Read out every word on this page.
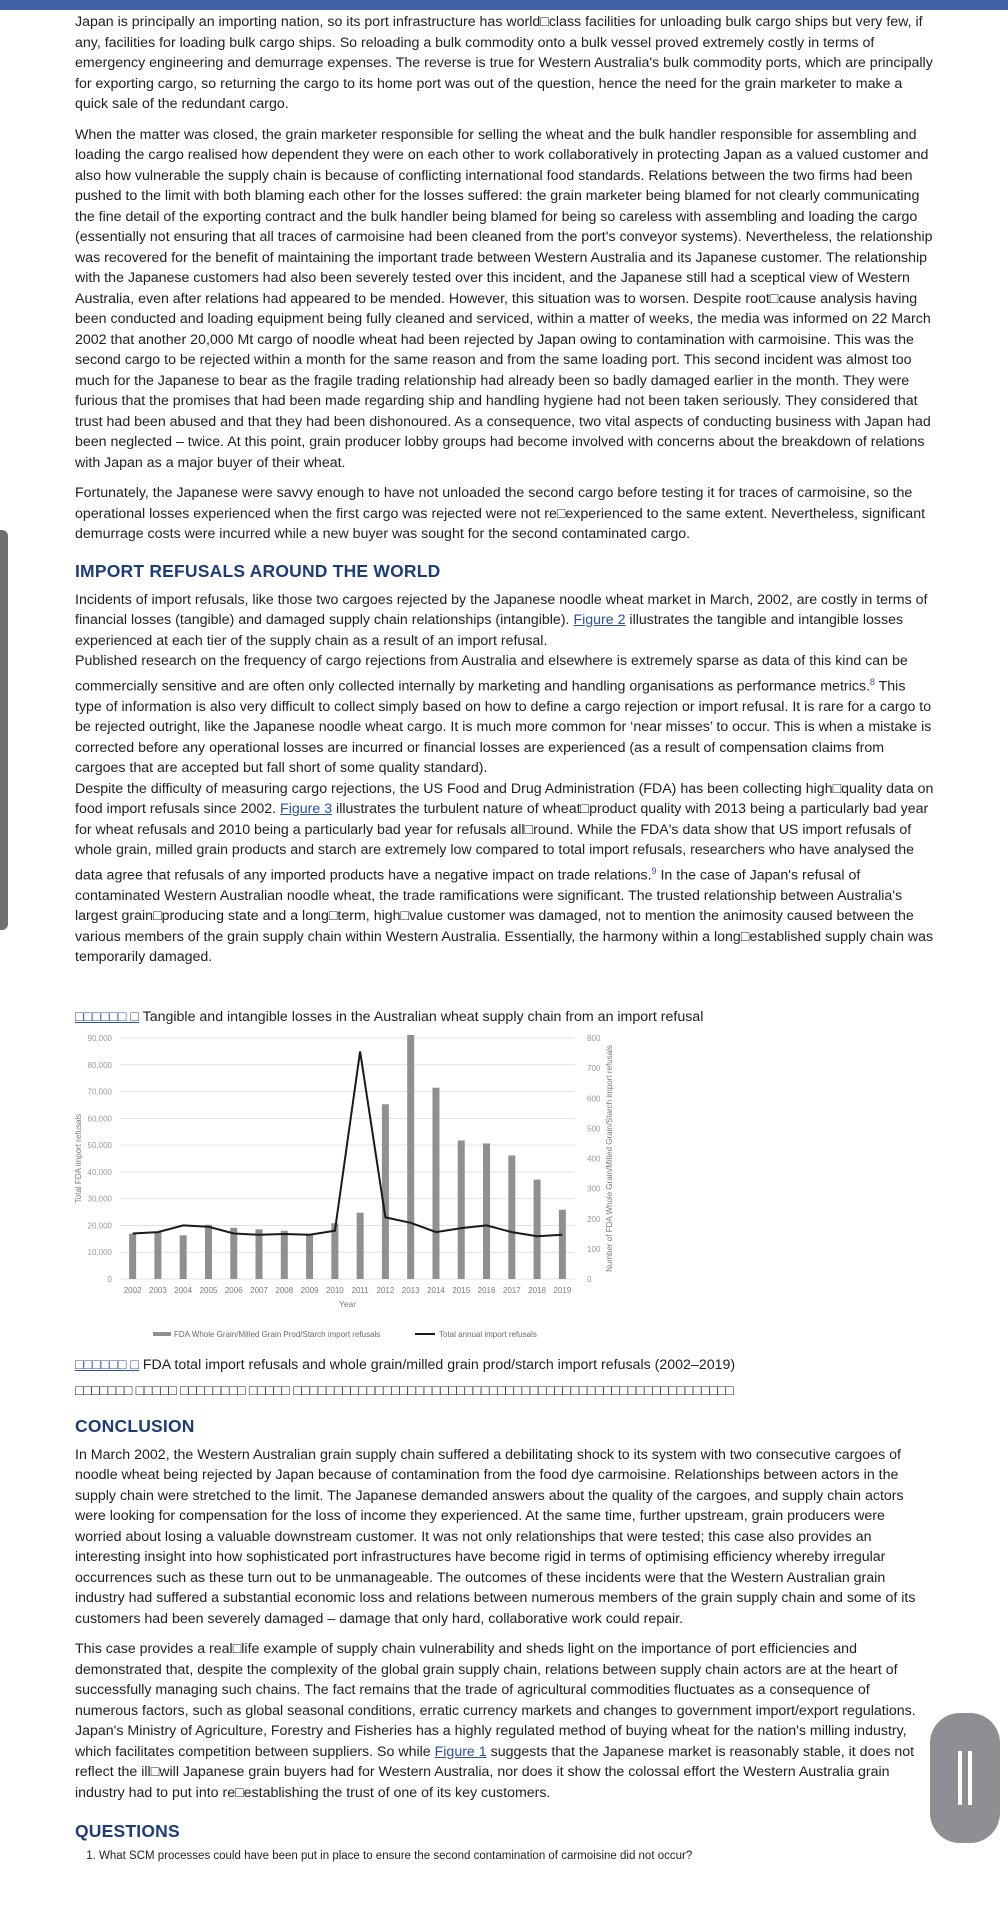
Japan is principally an importing nation, so its port infrastructure has world□class facilities for unloading bulk cargo ships but very few, if any, facilities for loading bulk cargo ships. So reloading a bulk commodity onto a bulk vessel proved extremely costly in terms of emergency engineering and demurrage expenses. The reverse is true for Western Australia's bulk commodity ports, which are principally for exporting cargo, so returning the cargo to its home port was out of the question, hence the need for the grain marketer to make a quick sale of the redundant cargo.

When the matter was closed, the grain marketer responsible for selling the wheat and the bulk handler responsible for assembling and loading the cargo realised how dependent they were on each other to work collaboratively in protecting Japan as a valued customer and also how vulnerable the supply chain is because of conflicting international food standards. Relations between the two firms had been pushed to the limit with both blaming each other for the losses suffered: the grain marketer being blamed for not clearly communicating the fine detail of the exporting contract and the bulk handler being blamed for being so careless with assembling and loading the cargo (essentially not ensuring that all traces of carmoisine had been cleaned from the port's conveyor systems). Nevertheless, the relationship was recovered for the benefit of maintaining the important trade between Western Australia and its Japanese customer. The relationship with the Japanese customers had also been severely tested over this incident, and the Japanese still had a sceptical view of Western Australia, even after relations had appeared to be mended. However, this situation was to worsen. Despite root□cause analysis having been conducted and loading equipment being fully cleaned and serviced, within a matter of weeks, the media was informed on 22 March 2002 that another 20,000 Mt cargo of noodle wheat had been rejected by Japan owing to contamination with carmoisine. This was the second cargo to be rejected within a month for the same reason and from the same loading port. This second incident was almost too much for the Japanese to bear as the fragile trading relationship had already been so badly damaged earlier in the month. They were furious that the promises that had been made regarding ship and handling hygiene had not been taken seriously. They considered that trust had been abused and that they had been dishonoured. As a consequence, two vital aspects of conducting business with Japan had been neglected – twice. At this point, grain producer lobby groups had become involved with concerns about the breakdown of relations with Japan as a major buyer of their wheat.

Fortunately, the Japanese were savvy enough to have not unloaded the second cargo before testing it for traces of carmoisine, so the operational losses experienced when the first cargo was rejected were not re□experienced to the same extent. Nevertheless, significant demurrage costs were incurred while a new buyer was sought for the second contaminated cargo.

IMPORT REFUSALS AROUND THE WORLD

Incidents of import refusals, like those two cargoes rejected by the Japanese noodle wheat market in March, 2002, are costly in terms of financial losses (tangible) and damaged supply chain relationships (intangible). Figure 2 illustrates the tangible and intangible losses experienced at each tier of the supply chain as a result of an import refusal.

Published research on the frequency of cargo rejections from Australia and elsewhere is extremely sparse as data of this kind can be commercially sensitive and are often only collected internally by marketing and handling organisations as performance metrics.$^8$ This type of information is also very difficult to collect simply based on how to define a cargo rejection or import refusal. It is rare for a cargo to be rejected outright, like the Japanese noodle wheat cargo. It is much more common for ‘near misses’ to occur. This is when a mistake is corrected before any operational losses are incurred or financial losses are experienced (as a result of compensation claims from cargoes that are accepted but fall short of some quality standard).

Despite the difficulty of measuring cargo rejections, the US Food and Drug Administration (FDA) has been collecting high□quality data on food import refusals since 2002. Figure 3 illustrates the turbulent nature of wheat□product quality with 2013 being a particularly bad year for wheat refusals and 2010 being a particularly bad year for refusals all□round. While the FDA's data show that US import refusals of whole grain, milled grain products and starch are extremely low compared to total import refusals, researchers who have analysed the data agree that refusals of any imported products have a negative impact on trade relations.$^9$ In the case of Japan's refusal of contaminated Western Australian noodle wheat, the trade ramifications were significant. The trusted relationship between Australia's largest grain□producing state and a long□term, high□value customer was damaged, not to mention the animosity caused between the various members of the grain supply chain within Western Australia. Essentially, the harmony within a long□established supply chain was temporarily damaged.

□□□□□□ □ Tangible and intangible losses in the Australian wheat supply chain from an import refusal

0
10,000
20,000
30,000
40,000
50,000
60,000
70,000
80,000
90,000
0
100
200
300
400
500
600
700
800
2002 2003 2004 2005 2006 2007 2008 2009 2010 2011 2012 2013 2014 2015 2016 2017 2018 2019
Year
Total FDA import refusals	Number of FDA Whole Grain/Milled Grain/Starch import refusals
FDA Whole Grain/Milled Grain Prod/Starch import refusals	Total annual import refusals

□□□□□□ □ FDA total import refusals and whole grain/milled grain prod/starch import refusals (2002–2019)

□□□□□□□ □□□□□ □□□□□□□□ □□□□□ □□□□□□□□□□□□□□□□□□□□□□□□□□□□□□□□□□□□□□□□□□□□□□□□□□□□□□

CONCLUSION

In March 2002, the Western Australian grain supply chain suffered a debilitating shock to its system with two consecutive cargoes of noodle wheat being rejected by Japan because of contamination from the food dye carmoisine. Relationships between actors in the supply chain were stretched to the limit. The Japanese demanded answers about the quality of the cargoes, and supply chain actors were looking for compensation for the loss of income they experienced. At the same time, further upstream, grain producers were worried about losing a valuable downstream customer. It was not only relationships that were tested; this case also provides an interesting insight into how sophisticated port infrastructures have become rigid in terms of optimising efficiency whereby irregular occurrences such as these turn out to be unmanageable. The outcomes of these incidents were that the Western Australian grain industry had suffered a substantial economic loss and relations between numerous members of the grain supply chain and some of its customers had been severely damaged – damage that only hard, collaborative work could repair.

This case provides a real□life example of supply chain vulnerability and sheds light on the importance of port efficiencies and demonstrated that, despite the complexity of the global grain supply chain, relations between supply chain actors are at the heart of successfully managing such chains. The fact remains that the trade of agricultural commodities fluctuates as a consequence of numerous factors, such as global seasonal conditions, erratic currency markets and changes to government import/export regulations. Japan's Ministry of Agriculture, Forestry and Fisheries has a highly regulated method of buying wheat for the nation's milling industry, which facilitates competition between suppliers. So while Figure 1 suggests that the Japanese market is reasonably stable, it does not reflect the ill□will Japanese grain buyers had for Western Australia, nor does it show the colossal effort the Western Australia grain industry had to put into re□establishing the trust of one of its key customers.

QUESTIONS
1. What SCM processes could have been put in place to ensure the second contamination of carmoisine did not occur?
